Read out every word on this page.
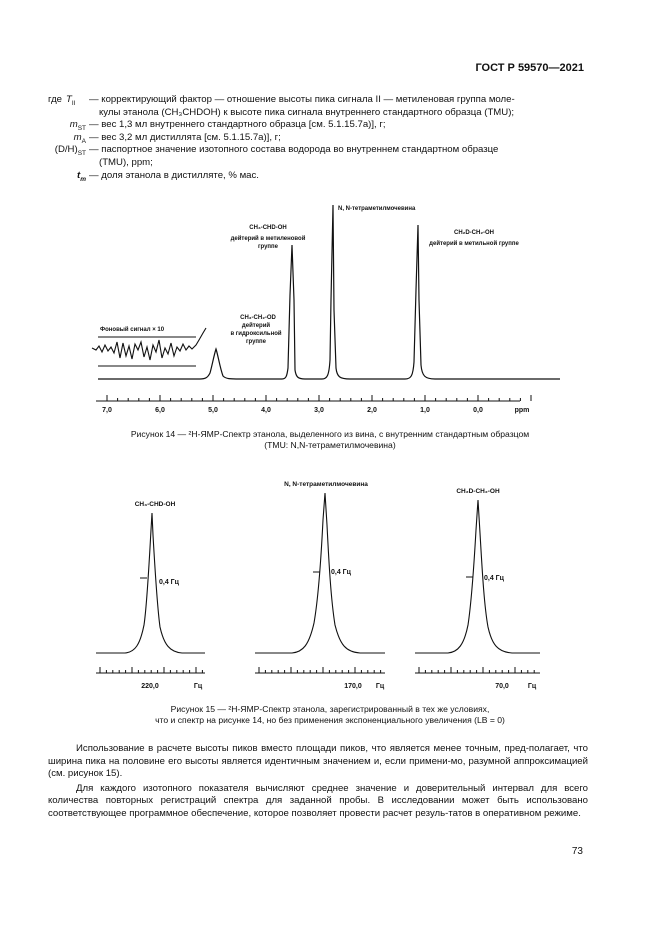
ГОСТ Р 59570—2021
где $T_{II}$	— корректирующий фактор — отношение высоты пика сигнала II — метиленовая группа моле-
кулы этанола (CH₃CHDOH) к высоте пика сигнала внутреннего стандартного образца (TMU);
$m_{ST}$ — вес 1,3 мл внутреннего стандартного образца [см. 5.1.15.7а)], г;
$m_A$ — вес 3,2 мл дистиллята [см. 5.1.15.7а)], г;
$(D/H)_{ST}$ — паспортное значение изотопного состава водорода во внутреннем стандартном образце
(TMU), ppm;
$t_m$ — доля этанола в дистилляте, % мас.
Фоновый сигнал × 10
CH₃-CH₂-OD
дейтерий
в гидроксильной
группе
CH₃-CHD-OH
дейтерий в метиленовой
группе
N, N-тетраметилмочевина
CH₂D-CH₂-OH
дейтерий в метильной группе
7,0	6,0	5,0	4,0	3,0	2,0	1,0	0,0	ppm
Рисунок 14 — ²H-ЯМР-Спектр этанола, выделенного из вина, с внутренним стандартным образцом
(TMU: N,N-тетраметилмочевина)
CH₃-CHD-OH
N, N-тетраметилмочевина
CH₂D-CH₂-OH
0,4 Гц
0,4 Гц
0,4 Гц
220,0	Гц	170,0 Гц	70,0	Гц
Рисунок 15 — ²H-ЯМР-Спектр этанола, зарегистрированный в тех же условиях,
что и спектр на рисунке 14, но без применения экспоненциального увеличения (LB = 0)

Использование в расчете высоты пиков вместо площади пиков, что является менее точным, пред-полагает, что ширина пика на половине его высоты является идентичным значением и, если примени-мо, разумной аппроксимацией (см. рисунок 15).

Для каждого изотопного показателя вычисляют среднее значение и доверительный интервал для всего количества повторных регистраций спектра для заданной пробы. В исследовании может быть использовано соответствующее программное обеспечение, которое позволяет провести расчет резуль-татов в оперативном режиме.

73
